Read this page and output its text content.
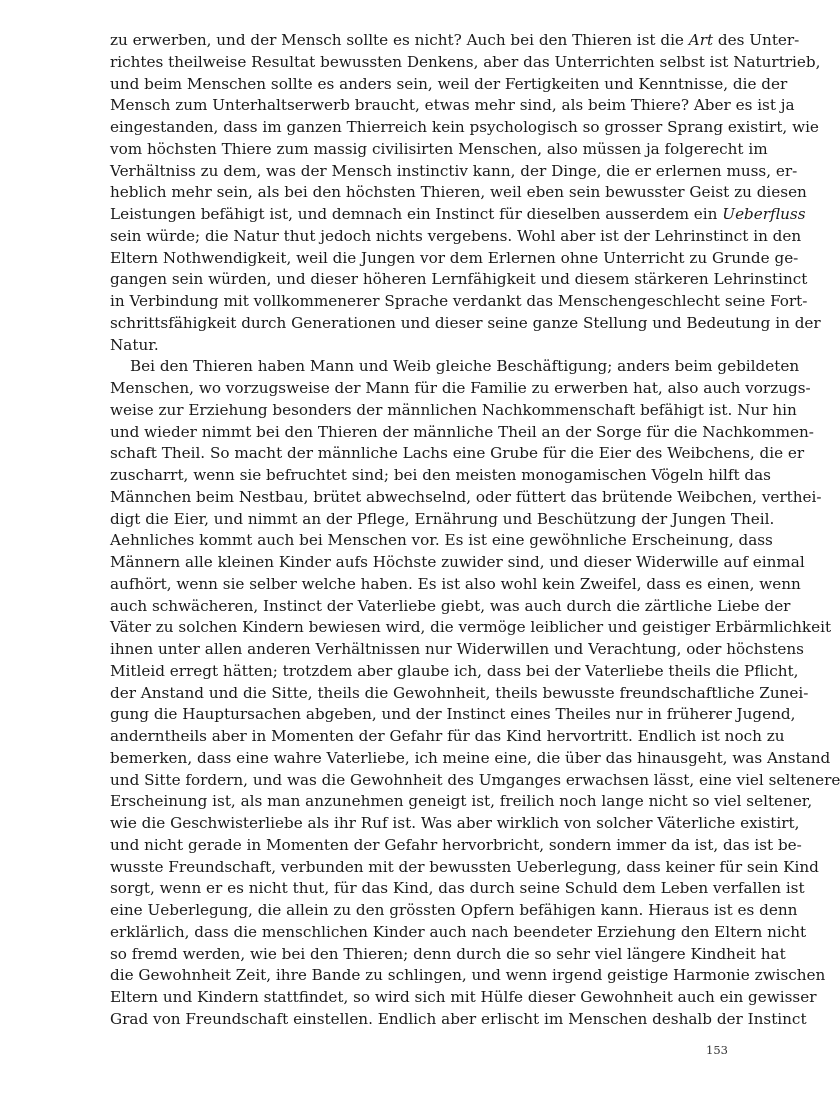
zu erwerben, und der Mensch sollte es nicht? Auch bei den Thieren ist die Art des Unter-
richtes theilweise Resultat bewussten Denkens, aber das Unterrichten selbst ist Naturtrieb,
und beim Menschen sollte es anders sein, weil der Fertigkeiten und Kenntnisse, die der
Mensch zum Unterhaltserwerb braucht, etwas mehr sind, als beim Thiere? Aber es ist ja
eingestanden, dass im ganzen Thierreich kein psychologisch so grosser Sprang existirt, wie
vom höchsten Thiere zum massig civilisirten Menschen, also müssen ja folgerecht im
Verhältniss zu dem, was der Mensch instinctiv kann, der Dinge, die er erlernen muss, er-
heblich mehr sein, als bei den höchsten Thieren, weil eben sein bewusster Geist zu diesen
Leistungen befähigt ist, und demnach ein Instinct für dieselben ausserdem ein Ueberfluss
sein würde; die Natur thut jedoch nichts vergebens. Wohl aber ist der Lehrinstinct in den
Eltern Nothwendigkeit, weil die Jungen vor dem Erlernen ohne Unterricht zu Grunde ge-
gangen sein würden, und dieser höheren Lernfähigkeit und diesem stärkeren Lehrinstinct
in Verbindung mit vollkommenerer Sprache verdankt das Menschengeschlecht seine Fort-
schrittsfähigkeit durch Generationen und dieser seine ganze Stellung und Bedeutung in der
Natur.
Bei den Thieren haben Mann und Weib gleiche Beschäftigung; anders beim gebildeten
Menschen, wo vorzugsweise der Mann für die Familie zu erwerben hat, also auch vorzugs-
weise zur Erziehung besonders der männlichen Nachkommenschaft befähigt ist. Nur hin
und wieder nimmt bei den Thieren der männliche Theil an der Sorge für die Nachkommen-
schaft Theil. So macht der männliche Lachs eine Grube für die Eier des Weibchens, die er
zuscharrt, wenn sie befruchtet sind; bei den meisten monogamischen Vögeln hilft das
Männchen beim Nestbau, brütet abwechselnd, oder füttert das brütende Weibchen, verthei-
digt die Eier, und nimmt an der Pflege, Ernährung und Beschützung der Jungen Theil.
Aehnliches kommt auch bei Menschen vor. Es ist eine gewöhnliche Erscheinung, dass
Männern alle kleinen Kinder aufs Höchste zuwider sind, und dieser Widerwille auf einmal
aufhört, wenn sie selber welche haben. Es ist also wohl kein Zweifel, dass es einen, wenn
auch schwächeren, Instinct der Vaterliebe giebt, was auch durch die zärtliche Liebe der
Väter zu solchen Kindern bewiesen wird, die vermöge leiblicher und geistiger Erbärmlichkeit
ihnen unter allen anderen Verhältnissen nur Widerwillen und Verachtung, oder höchstens
Mitleid erregt hätten; trotzdem aber glaube ich, dass bei der Vaterliebe theils die Pflicht,
der Anstand und die Sitte, theils die Gewohnheit, theils bewusste freundschaftliche Zunei-
gung die Hauptursachen abgeben, und der Instinct eines Theiles nur in früherer Jugend,
anderntheils aber in Momenten der Gefahr für das Kind hervortritt. Endlich ist noch zu
bemerken, dass eine wahre Vaterliebe, ich meine eine, die über das hinausgeht, was Anstand
und Sitte fordern, und was die Gewohnheit des Umganges erwachsen lässt, eine viel seltenere
Erscheinung ist, als man anzunehmen geneigt ist, freilich noch lange nicht so viel seltener,
wie die Geschwisterliebe als ihr Ruf ist. Was aber wirklich von solcher Väterliche existirt,
und nicht gerade in Momenten der Gefahr hervorbricht, sondern immer da ist, das ist be-
wusste Freundschaft, verbunden mit der bewussten Ueberlegung, dass keiner für sein Kind
sorgt, wenn er es nicht thut, für das Kind, das durch seine Schuld dem Leben verfallen ist
eine Ueberlegung, die allein zu den grössten Opfern befähigen kann. Hieraus ist es denn
erklärlich, dass die menschlichen Kinder auch nach beendeter Erziehung den Eltern nicht
so fremd werden, wie bei den Thieren; denn durch die so sehr viel längere Kindheit hat
die Gewohnheit Zeit, ihre Bande zu schlingen, und wenn irgend geistige Harmonie zwischen
Eltern und Kindern stattfindet, so wird sich mit Hülfe dieser Gewohnheit auch ein gewisser
Grad von Freundschaft einstellen. Endlich aber erlischt im Menschen deshalb der Instinct
153
